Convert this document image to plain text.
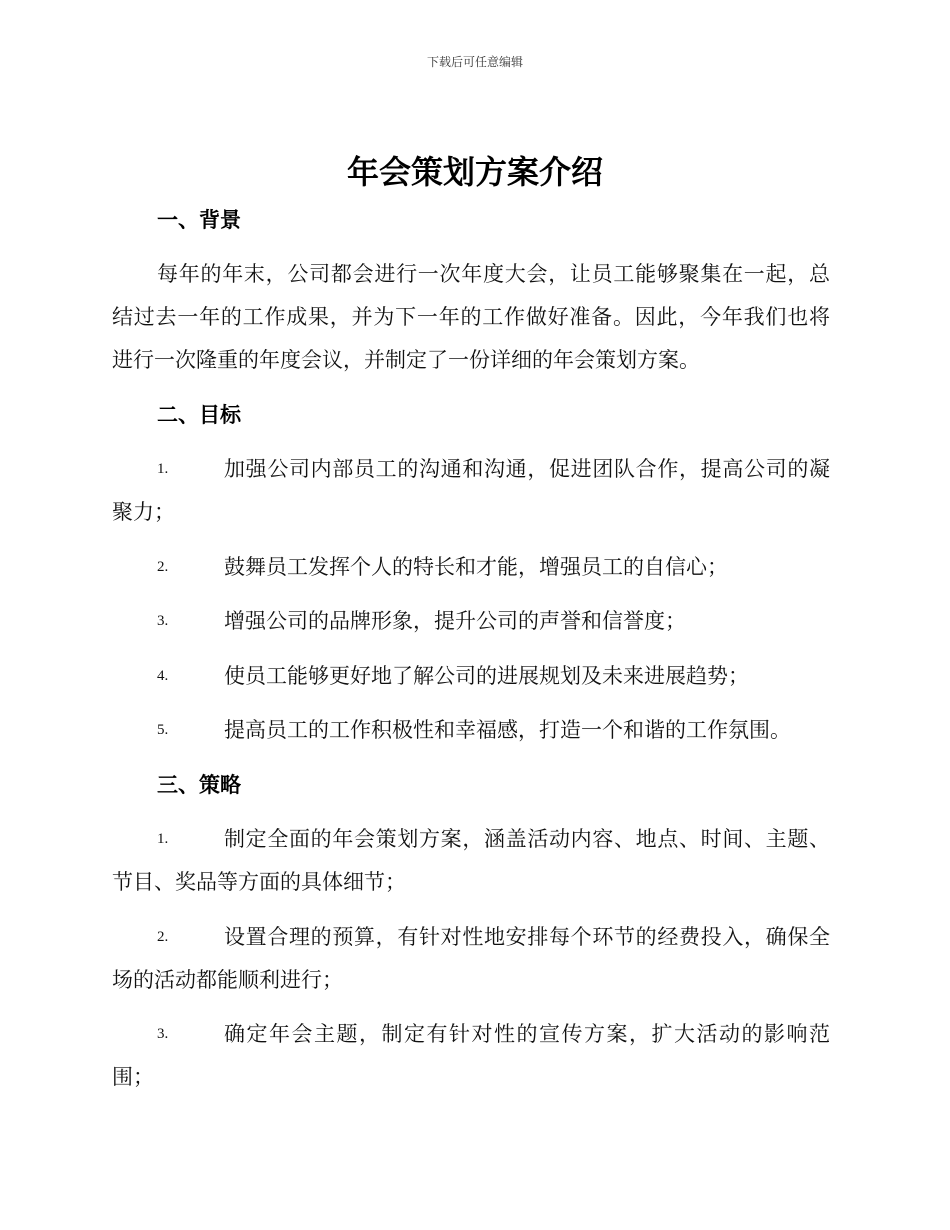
下载后可任意编辑
年会策划方案介绍
一、背景
每年的年末，公司都会进行一次年度大会，让员工能够聚集在一起，总
结过去一年的工作成果，并为下一年的工作做好准备。因此，今年我们也将
进行一次隆重的年度会议，并制定了一份详细的年会策划方案。
二、目标
1.	加强公司内部员工的沟通和沟通，促进团队合作，提高公司的凝
聚力；
2.	鼓舞员工发挥个人的特长和才能，增强员工的自信心；
3.	增强公司的品牌形象，提升公司的声誉和信誉度；
4.	使员工能够更好地了解公司的进展规划及未来进展趋势；
5.	提高员工的工作积极性和幸福感，打造一个和谐的工作氛围。
三、策略
1.	制定全面的年会策划方案，涵盖活动内容、地点、时间、主题、
节目、奖品等方面的具体细节；
2.	设置合理的预算，有针对性地安排每个环节的经费投入，确保全
场的活动都能顺利进行；
3.	确定年会主题，制定有针对性的宣传方案，扩大活动的影响范
围；
